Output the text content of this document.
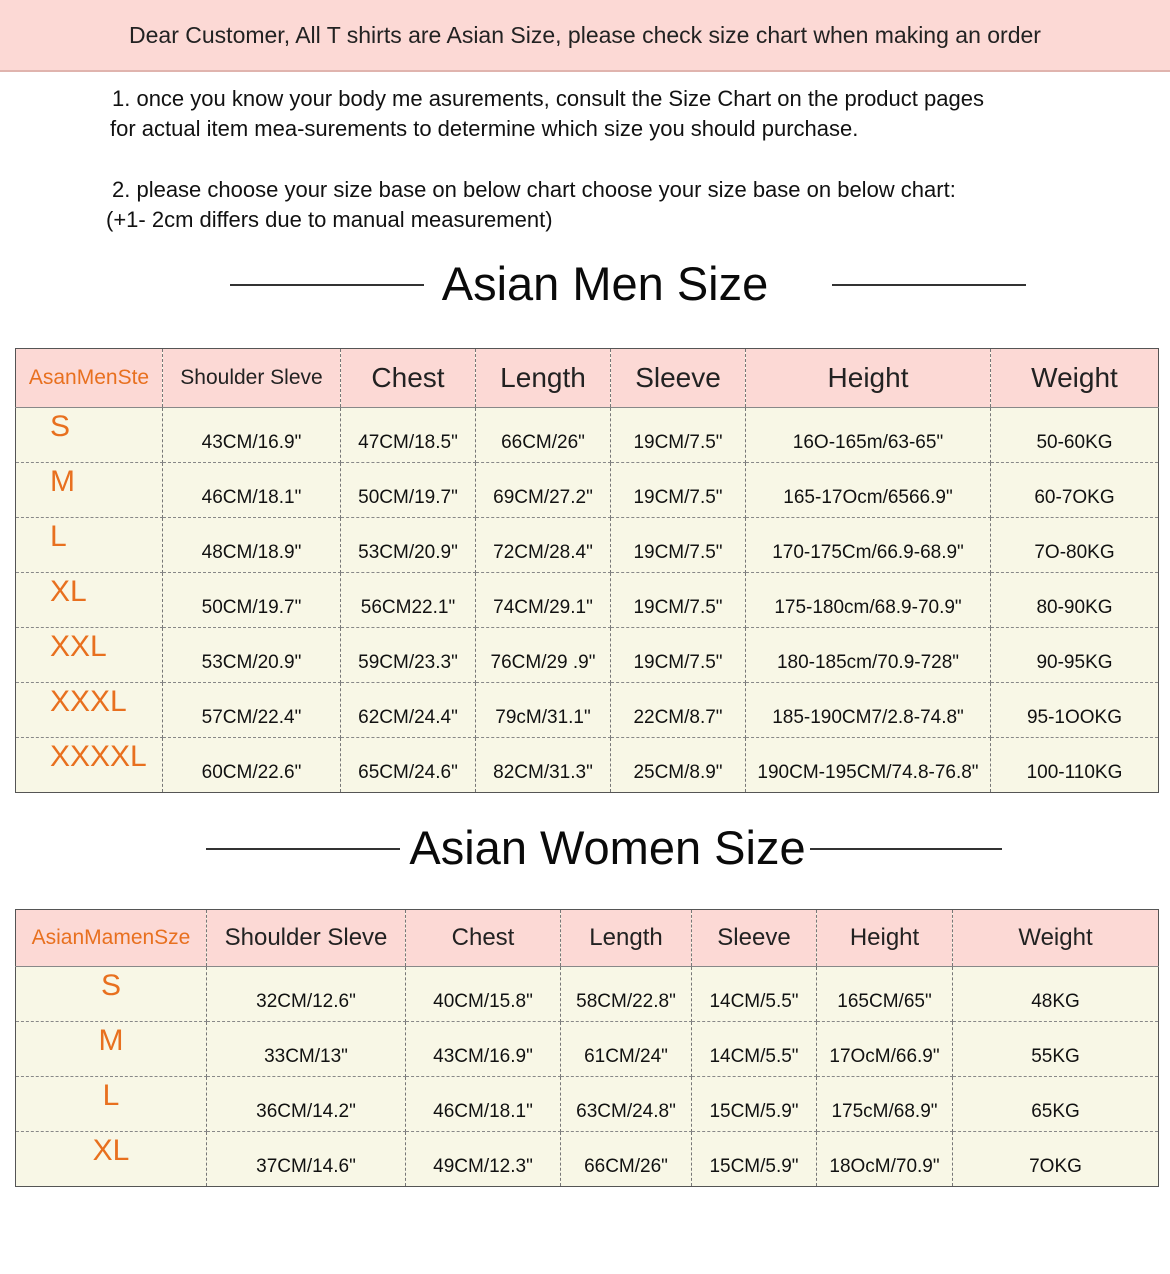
Dear Customer, All T shirts are Asian Size, please check size chart when making an order
1. once you know your body me asurements, consult the Size Chart on the product pages
for actual item mea-surements to determine which size you should purchase.
2. please choose your size base on below chart choose your size base on below chart:
(+1- 2cm differs due to manual measurement)
Asian Men Size
AsanMenSte	Shoulder Sleve	Chest	Length	Sleeve	Height	Weight
S	43CM/16.9"	47CM/18.5"	66CM/26"	19CM/7.5"	16O-165m/63-65"	50-60KG
M	46CM/18.1"	50CM/19.7"	69CM/27.2"	19CM/7.5"	165-17Ocm/6566.9"	60-7OKG
L	48CM/18.9"	53CM/20.9"	72CM/28.4"	19CM/7.5"	170-175Cm/66.9-68.9"	7O-80KG
XL	50CM/19.7"	56CM22.1"	74CM/29.1"	19CM/7.5"	175-180cm/68.9-70.9"	80-90KG
XXL	53CM/20.9"	59CM/23.3"	76CM/29 .9"	19CM/7.5"	180-185cm/70.9-728"	90-95KG
XXXL	57CM/22.4"	62CM/24.4"	79cM/31.1"	22CM/8.7"	185-190CM7/2.8-74.8"	95-1OOKG
XXXXL	60CM/22.6"	65CM/24.6"	82CM/31.3"	25CM/8.9"	190CM-195CM/74.8-76.8"	100-110KG
Asian Women Size
AsianMamenSze	Shoulder Sleve	Chest	Length	Sleeve	Height	Weight
S	32CM/12.6"	40CM/15.8"	58CM/22.8"	14CM/5.5"	165CM/65"	48KG
M	33CM/13"	43CM/16.9"	61CM/24"	14CM/5.5"	17OcM/66.9"	55KG
L	36CM/14.2"	46CM/18.1"	63CM/24.8"	15CM/5.9"	175cM/68.9"	65KG
XL	37CM/14.6"	49CM/12.3"	66CM/26"	15CM/5.9"	18OcM/70.9"	7OKG
